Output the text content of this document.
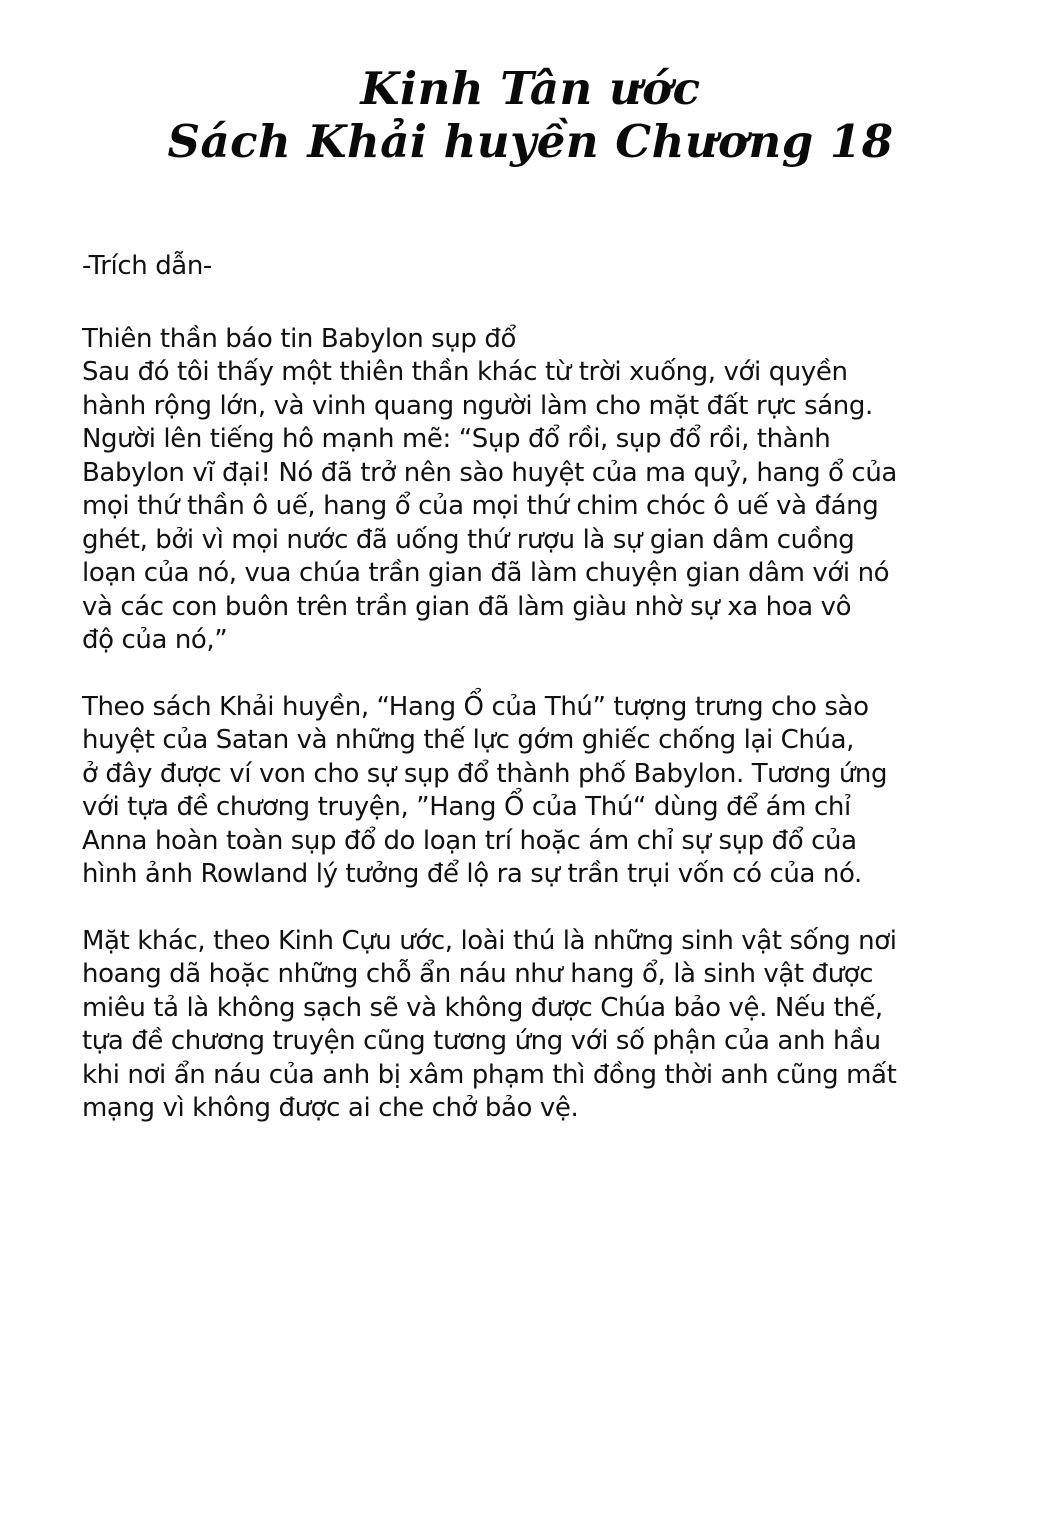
Kinh Tân ước
Sách Khải huyền Chương 18
-Trích dẫn-
Thiên thần báo tin Babylon sụp đổ
Sau đó tôi thấy một thiên thần khác từ trời xuống, với quyền
hành rộng lớn, và vinh quang người làm cho mặt đất rực sáng.
Người lên tiếng hô mạnh mẽ: “Sụp đổ rồi, sụp đổ rồi, thành
Babylon vĩ đại! Nó đã trở nên sào huyệt của ma quỷ, hang ổ của
mọi thứ thần ô uế, hang ổ của mọi thứ chim chóc ô uế và đáng
ghét, bởi vì mọi nước đã uống thứ rượu là sự gian dâm cuồng
loạn của nó, vua chúa trần gian đã làm chuyện gian dâm với nó
và các con buôn trên trần gian đã làm giàu nhờ sự xa hoa vô
độ của nó,”
Theo sách Khải huyền, “Hang Ổ của Thú” tượng trưng cho sào
huyệt của Satan và những thế lực gớm ghiếc chống lại Chúa,
ở đây được ví von cho sự sụp đổ thành phố Babylon. Tương ứng
với tựa đề chương truyện, ”Hang Ổ của Thú“ dùng để ám chỉ
Anna hoàn toàn sụp đổ do loạn trí hoặc ám chỉ sự sụp đổ của
hình ảnh Rowland lý tưởng để lộ ra sự trần trụi vốn có của nó.
Mặt khác, theo Kinh Cựu ước, loài thú là những sinh vật sống nơi
hoang dã hoặc những chỗ ẩn náu như hang ổ, là sinh vật được
miêu tả là không sạch sẽ và không được Chúa bảo vệ. Nếu thế,
tựa đề chương truyện cũng tương ứng với số phận của anh hầu
khi nơi ẩn náu của anh bị xâm phạm thì đồng thời anh cũng mất
mạng vì không được ai che chở bảo vệ.
